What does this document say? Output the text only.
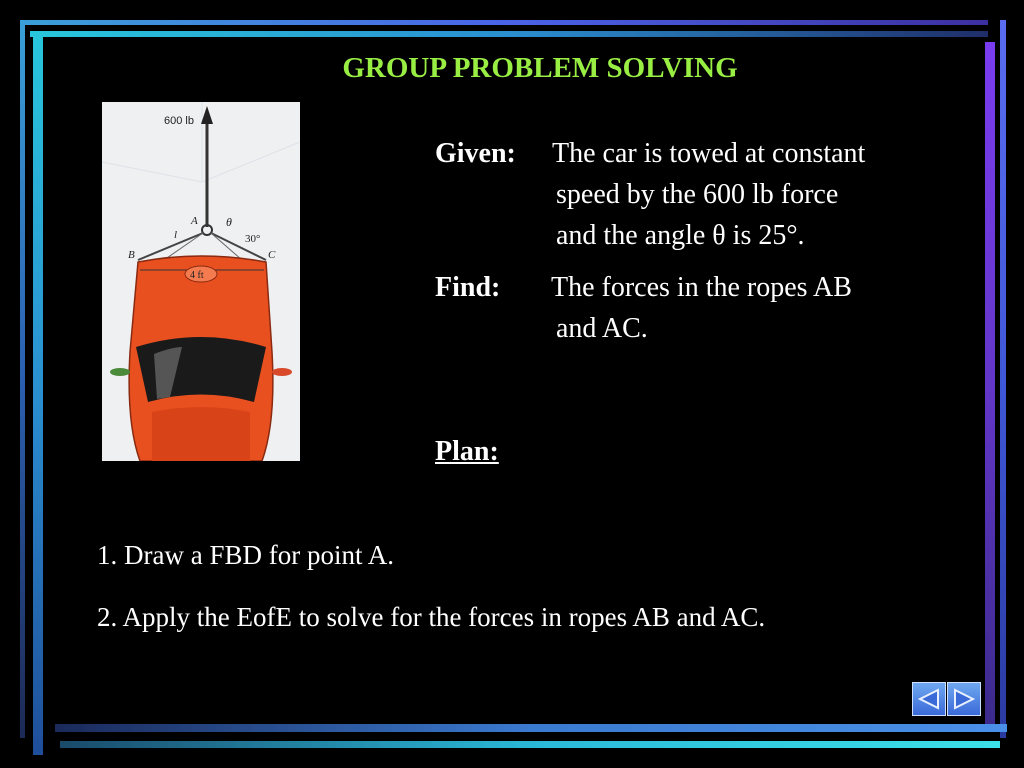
GROUP PROBLEM SOLVING
600 lb
A θ
30°
l
B	C
4 ft
Given: The car is towed at constant
speed by the 600 lb force
and the angle θ is 25°.
Find: The forces in the ropes AB
and AC.
Plan:
1. Draw a FBD for point A.
2. Apply the EofE to solve for the forces in ropes AB and AC.
